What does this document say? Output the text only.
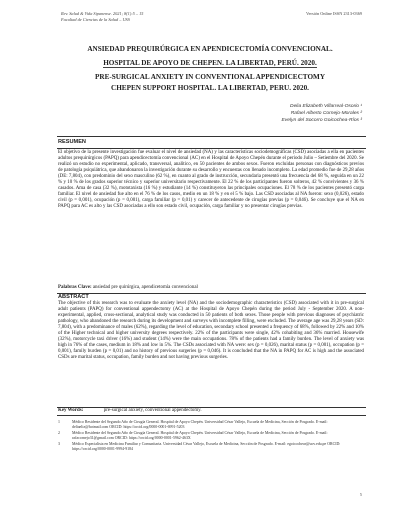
Rev. Salud & Vida Sipanense. 2021; 8(1):5 – 15
Facultad de Ciencias de la Salud – USS
Versión Online ISSN 2313-0369
ANSIEDAD PREQUIRÚRGICA EN APENDICECTOMÍA CONVENCIONAL.
HOSPITAL DE APOYO DE CHEPEN. LA LIBERTAD, PERÚ. 2020.
PRE-SURGICAL ANXIETY IN CONVENTIONAL APPENDICECTOMY
CHEPEN SUPPORT HOSPITAL. LA LIBERTAD, PERU. 2020.
Delia Elizabeth Villarreal-Osorio ¹
Rafael Alberto Cornejo-Morales ²
Evelyn del Socorro Goicochea-Ríos ³
RESUMEN
El objetivo de la presente investigación fue evaluar el nivel de ansiedad (NA) y las características sociodemográficas (CSD) asociadas a ella en pacientes adultos prequirúrgicos (PAPQ) para apendicectomía convencional (AC) en el Hospital de Apoyo Chepén durante el periodo Julio – Setiembre del 2020. Se realizó un estudio no experimental, aplicado, transversal, analítico, en 50 pacientes de ambos sexos. Fueron excluidas personas con diagnósticos previos de patología psiquiátrica, que abandonaron la investigación durante su desarrollo y encuestas con llenado incompleto. La edad promedio fue de 29,28 años (DE: 7,804), con predominio del sexo masculino (62 %), en cuanto al grado de instrucción, secundaria presentó una frecuencia del 68 %, seguida en un 22 % y 10 % de los grados superior técnico y superior universitario respectivamente. El 22 % de los participantes fueron solteros, 42 % convivientes y 36 % casados. Ama de casa (32 %), mototaxista (16 %) y estudiante (14 %) constituyeron las principales ocupaciones. El 78 % de los pacientes presentó carga familiar. El nivel de ansiedad fue alto en el 76 % de los casos, medio en un 18 % y en el 5 % bajo. Las CSD asociadas al NA fueron: sexo (0,026), estado civil (p = 0,001), ocupación (p = 0,001), carga familiar (p = 0,01) y carecer de antecedente de cirugías previas (p = 0,046). Se concluye que el NA en PAPQ para AC es alto y las CSD asociadas a ello son estado civil, ocupación, carga familiar y no presentar cirugías previas.
Palabras Clave: ansiedad pre quirúrgica, apendicetomía convencional
ABSTRACT
The objective of this research was to evaluate the anxiety level (NA) and the sociodemographic characteristics (CSD) associated with it in pre-surgical adult patients (PAPQ) for conventional appendectomy (AC) at the Hospital de Apoyo Chepén during the period July - September 2020. A non-experimental, applied, cross-sectional, analytical study was conducted in 50 patients of both sexes. Those people with previous diagnoses of psychiatric pathology, who abandoned the research during its development and surveys with incomplete filling, were excluded. The average age was 29,28 years (SD: 7,804), with a predominance of males (62%), regarding the level of education, secondary school presented a frequency of 68%, followed by 22% and 10% of the Higher technical and higher university degrees respectively. 22% of the participants were single, 42% cohabiting and 36% married. Housewife (32%), motorcycle taxi driver (16%) and student (14%) were the main occupations. 78% of the patients had a family burden. The level of anxiety was high in 76% of the cases, medium in 18% and low in 5%. The CSDs associated with NA were: sex (p = 0,026), marital status (p = 0,001), occupation (p = 0,001), family burden (p = 0,01) and no history of previous surgeries (p = 0,046). It is concluded that the NA in PAPQ for AC is high and the associated CSDs are marital status, occupation, family burden and not having previous surgeries.
Key Words:	pre-surgical anxiety, conventional appendectomy.
1	Médico Residente del Segundo Año de Cirugía General. Hospital de Apoyo Chepén. Universidad César Vallejo, Escuela de Medicina, Sección de Posgrado. E-mail: deliaeliz@hotmail.com ORCID: https://orcid.org/0000-0001-6991-5203
2	Médico Residente del Segundo Año de Cirugía General. Hospital de Apoyo Chepén. Universidad César Vallejo, Escuela de Medicina, Sección de Posgrado. E-mail: rafacornejo31@gmail.com ORCID: https://orcid.org/0000-0001-5962-463X
3	Médico Especialista en Medicina Familiar y Comunitaria. Universidad César Vallejo, Escuela de Medicina, Sección de Posgrado. E-mail: egoicochear@ucv.edu.pe ORCID: https://orcid.org/0000-0001-9994-9184
5
